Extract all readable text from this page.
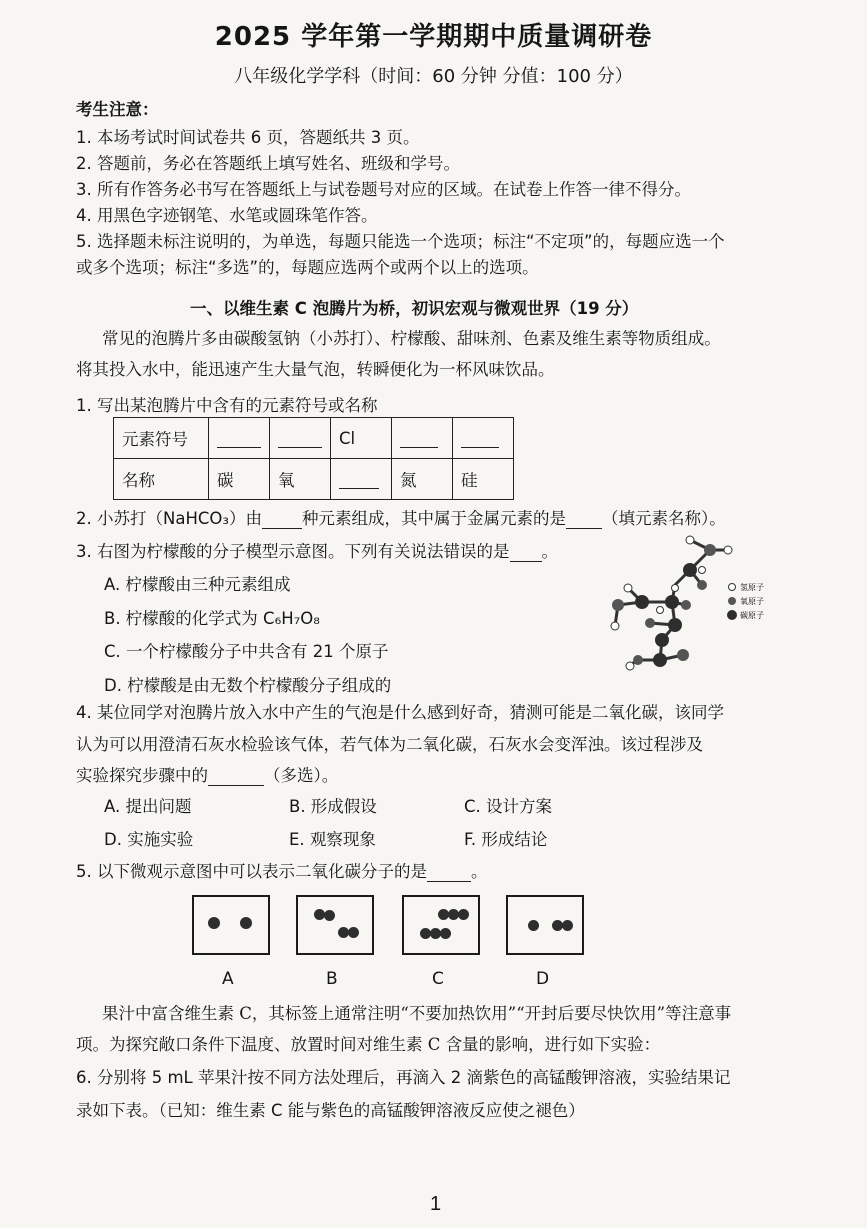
2025 学年第一学期期中质量调研卷
八年级化学学科（时间：60 分钟 分值：100 分）
考生注意：
1. 本场考试时间试卷共 6 页，答题纸共 3 页。
2. 答题前，务必在答题纸上填写姓名、班级和学号。
3. 所有作答务必书写在答题纸上与试卷题号对应的区域。在试卷上作答一律不得分。
4. 用黑色字迹钢笔、水笔或圆珠笔作答。
5. 选择题未标注说明的，为单选，每题只能选一个选项；标注“不定项”的，每题应选一个
或多个选项；标注“多选”的，每题应选两个或两个以上的选项。
一、以维生素 C 泡腾片为桥，初识宏观与微观世界（19 分）
常见的泡腾片多由碳酸氢钠（小苏打）、柠檬酸、甜味剂、色素及维生素等物质组成。
将其投入水中，能迅速产生大量气泡，转瞬便化为一杯风味饮品。
1. 写出某泡腾片中含有的元素符号或名称
元素符号			Cl		
名称	碳	氧		氮	硅
2. 小苏打（NaHCO₃）由 种元素组成，其中属于金属元素的是 （填元素名称）。
3. 右图为柠檬酸的分子模型示意图。下列有关说法错误的是 。
A. 柠檬酸由三种元素组成
B. 柠檬酸的化学式为 C₆H₇O₈
C. 一个柠檬酸分子中共含有 21 个原子
D. 柠檬酸是由无数个柠檬酸分子组成的
氢原子
氧原子
碳原子
4. 某位同学对泡腾片放入水中产生的气泡是什么感到好奇，猜测可能是二氧化碳，该同学
认为可以用澄清石灰水检验该气体，若气体为二氧化碳，石灰水会变浑浊。该过程涉及
实验探究步骤中的	（多选）。
A. 提出问题	B. 形成假设	C. 设计方案
D. 实施实验	E. 观察现象	F. 形成结论
5. 以下微观示意图中可以表示二氧化碳分子的是	。
A	B	C	D
果汁中富含维生素 C，其标签上通常注明“不要加热饮用”“开封后要尽快饮用”等注意事
项。为探究敞口条件下温度、放置时间对维生素 C 含量的影响，进行如下实验：
6. 分别将 5 mL 苹果汁按不同方法处理后，再滴入 2 滴紫色的高锰酸钾溶液，实验结果记
录如下表。（已知：维生素 C 能与紫色的高锰酸钾溶液反应使之褪色）
1
